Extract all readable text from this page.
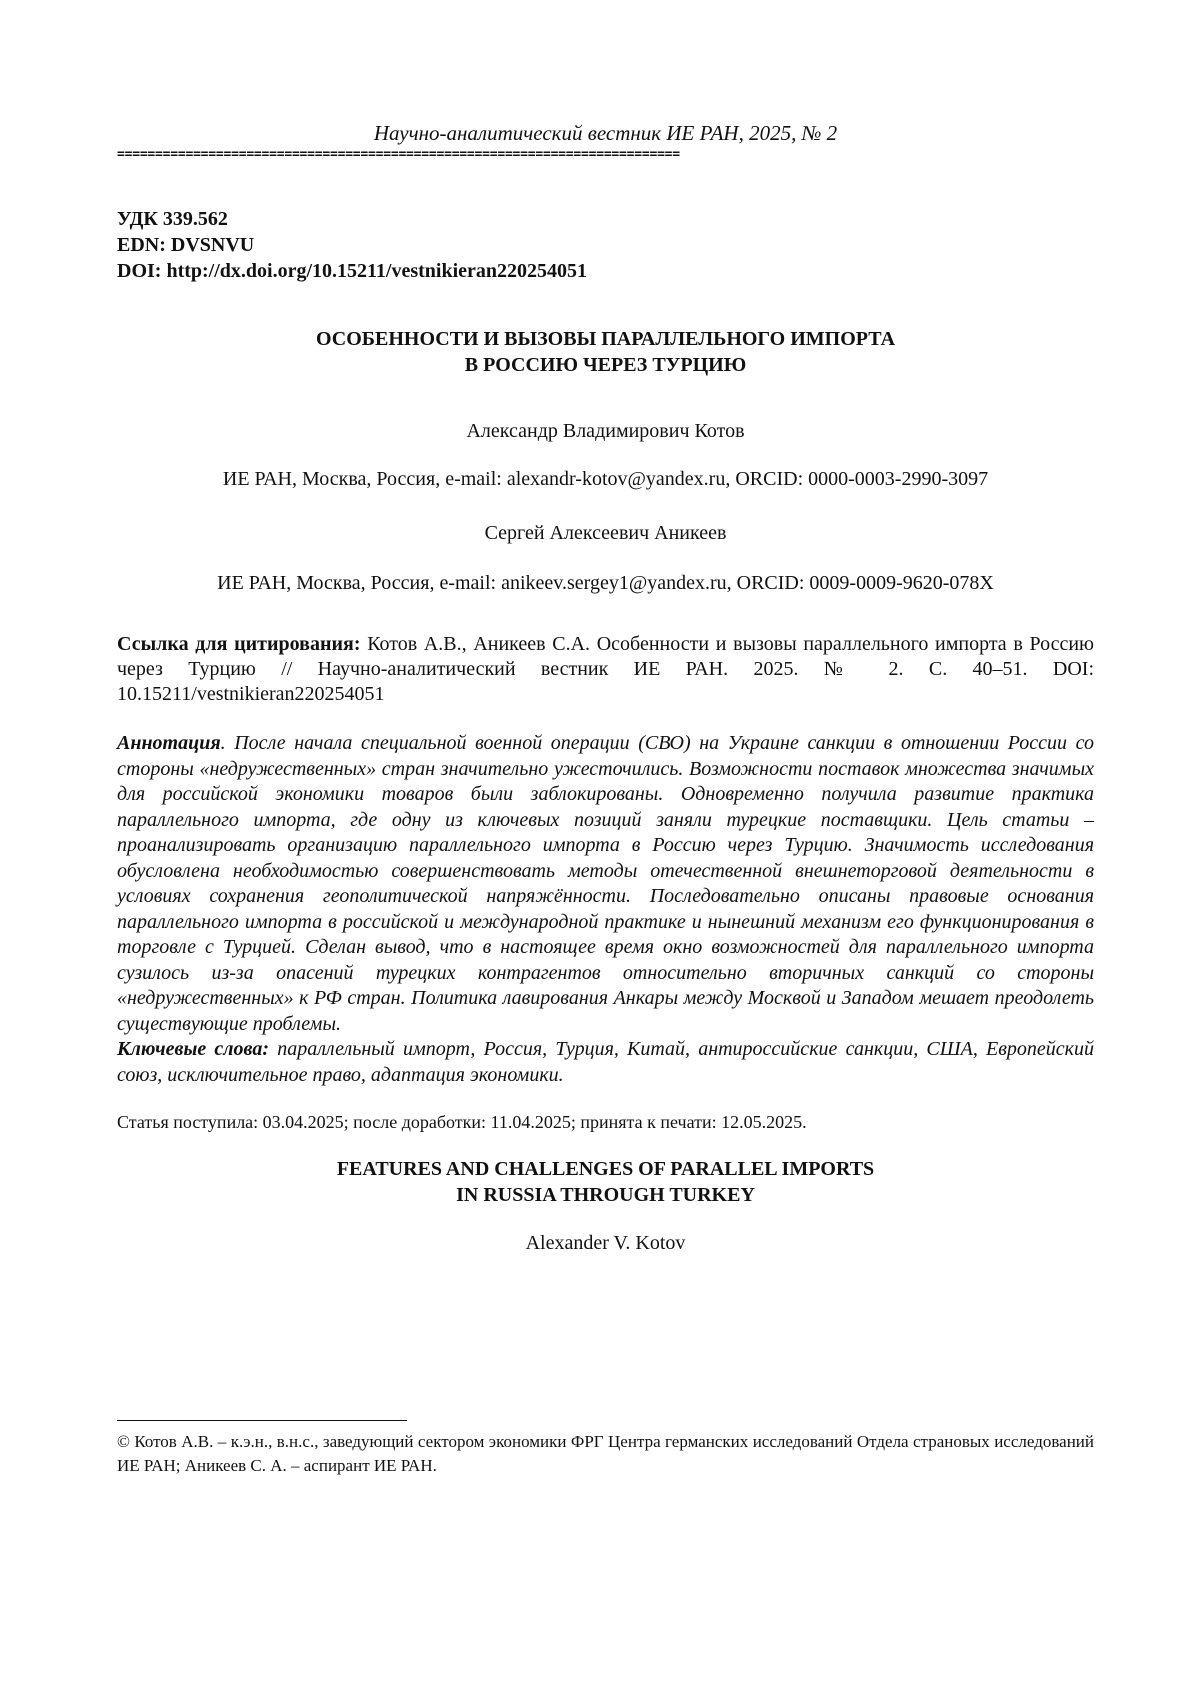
Научно-аналитический вестник ИЕ РАН, 2025, № 2
==========================================================================
УДК 339.562
EDN: DVSNVU
DOI: http://dx.doi.org/10.15211/vestnikieran220254051
ОСОБЕННОСТИ И ВЫЗОВЫ ПАРАЛЛЕЛЬНОГО ИМПОРТА
В РОССИЮ ЧЕРЕЗ ТУРЦИЮ
Александр Владимирович Котов
ИЕ РАН, Москва, Россия, e-mail: alexandr-kotov@yandex.ru, ORCID: 0000-0003-2990-3097
Сергей Алексеевич Аникеев
ИЕ РАН, Москва, Россия, e-mail: anikeev.sergey1@yandex.ru, ORCID: 0009-0009-9620-078X
Ссылка для цитирования: Котов А.В., Аникеев С.А. Особенности и вызовы параллельного импорта в Россию через Турцию // Научно-аналитический вестник ИЕ РАН. 2025. № 2. С. 40–51. DOI: 10.15211/vestnikieran220254051
Аннотация. После начала специальной военной операции (СВО) на Украине санкции в отношении России со стороны «недружественных» стран значительно ужесточились. Возможности поставок множества значимых для российской экономики товаров были заблокированы. Одновременно получила развитие практика параллельного импорта, где одну из ключевых позиций заняли турецкие поставщики. Цель статьи – проанализировать организацию параллельного импорта в Россию через Турцию. Значимость исследования обусловлена необходимостью совершенствовать методы отечественной внешнеторговой деятельности в условиях сохранения геополитической напряжённости. Последовательно описаны правовые основания параллельного импорта в российской и международной практике и нынешний механизм его функционирования в торговле с Турцией. Сделан вывод, что в настоящее время окно возможностей для параллельного импорта сузилось из-за опасений турецких контрагентов относительно вторичных санкций со стороны «недружественных» к РФ стран. Политика лавирования Анкары между Москвой и Западом мешает преодолеть существующие проблемы.
Ключевые слова: параллельный импорт, Россия, Турция, Китай, антироссийские санкции, США, Европейский союз, исключительное право, адаптация экономики.
Статья поступила: 03.04.2025; после доработки: 11.04.2025; принята к печати: 12.05.2025.
FEATURES AND CHALLENGES OF PARALLEL IMPORTS
IN RUSSIA THROUGH TURKEY
Alexander V. Kotov
© Котов А.В. – к.э.н., в.н.с., заведующий сектором экономики ФРГ Центра германских исследований Отдела страновых исследований ИЕ РАН; Аникеев С. А. – аспирант ИЕ РАН.
